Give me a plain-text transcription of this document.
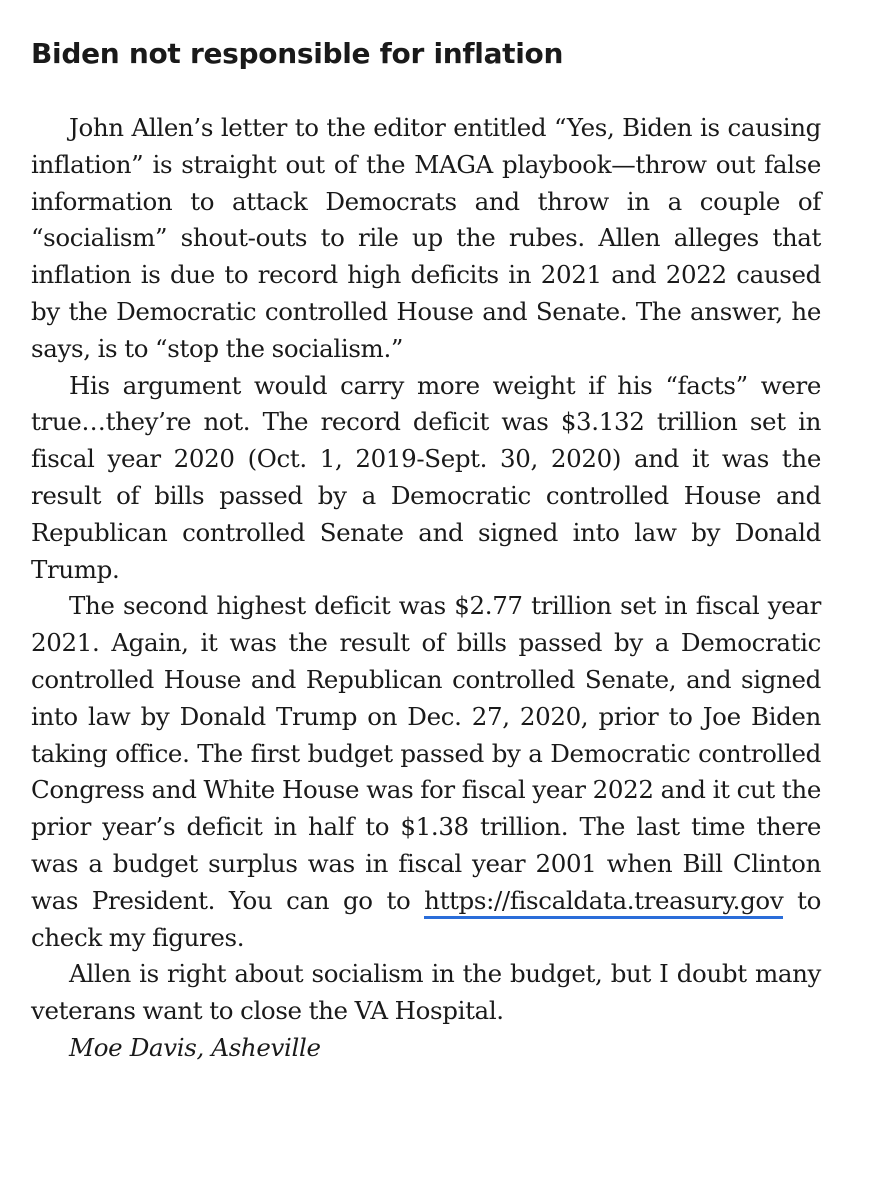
Biden not responsible for inflation

John Allen’s letter to the editor entitled “Yes, Biden is causing inflation” is straight out of the MAGA playbook—throw out false information to attack Democrats and throw in a couple of “socialism” shout-outs to rile up the rubes. Allen alleges that inflation is due to record high deficits in 2021 and 2022 caused by the Democratic controlled House and Senate. The answer, he says, is to “stop the socialism.”

His argument would carry more weight if his “facts” were true…they’re not. The record deficit was $3.132 trillion set in fiscal year 2020 (Oct. 1, 2019-Sept. 30, 2020) and it was the result of bills passed by a Democratic controlled House and Republican controlled Senate and signed into law by Donald Trump.

The second highest deficit was $2.77 trillion set in fiscal year 2021. Again, it was the result of bills passed by a Democratic controlled House and Republican controlled Senate, and signed into law by Donald Trump on Dec. 27, 2020, prior to Joe Biden taking office. The first budget passed by a Democratic controlled Congress and White House was for fiscal year 2022 and it cut the prior year’s deficit in half to $1.38 trillion. The last time there was a budget surplus was in fiscal year 2001 when Bill Clinton was President. You can go to https://fiscaldata.treasury.gov to check my figures.

Allen is right about socialism in the budget, but I doubt many veterans want to close the VA Hospital.

Moe Davis, Asheville
